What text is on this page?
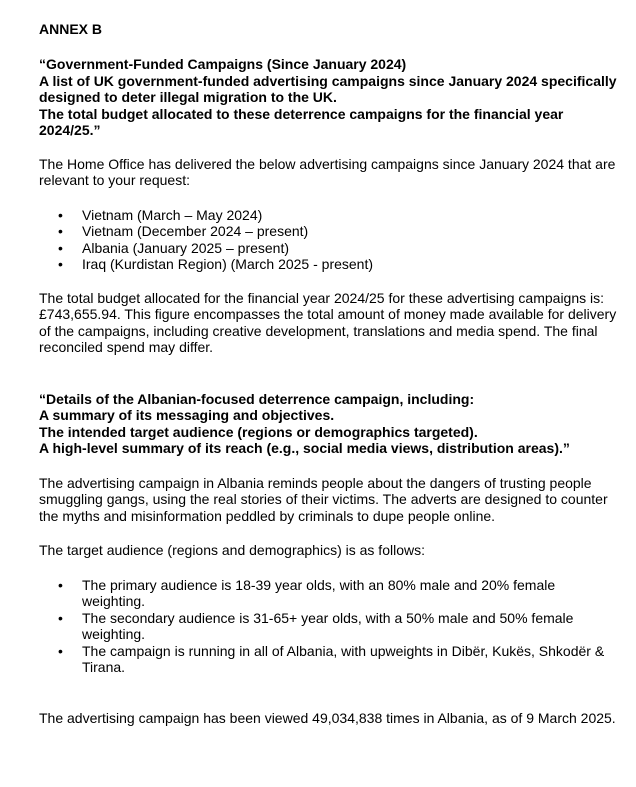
ANNEX B

“Government-Funded Campaigns (Since January 2024)
A list of UK government-funded advertising campaigns since January 2024 specifically designed to deter illegal migration to the UK.
The total budget allocated to these deterrence campaigns for the financial year 2024/25.”

The Home Office has delivered the below advertising campaigns since January 2024 that are relevant to your request:

• Vietnam (March – May 2024)
• Vietnam (December 2024 – present)
• Albania (January 2025 – present)
• Iraq (Kurdistan Region) (March 2025 - present)

The total budget allocated for the financial year 2024/25 for these advertising campaigns is: £743,655.94. This figure encompasses the total amount of money made available for delivery of the campaigns, including creative development, translations and media spend. The final reconciled spend may differ.

“Details of the Albanian-focused deterrence campaign, including:
A summary of its messaging and objectives.
The intended target audience (regions or demographics targeted).
A high-level summary of its reach (e.g., social media views, distribution areas).”

The advertising campaign in Albania reminds people about the dangers of trusting people smuggling gangs, using the real stories of their victims. The adverts are designed to counter the myths and misinformation peddled by criminals to dupe people online.

The target audience (regions and demographics) is as follows:

• The primary audience is 18-39 year olds, with an 80% male and 20% female weighting.
• The secondary audience is 31-65+ year olds, with a 50% male and 50% female weighting.
• The campaign is running in all of Albania, with upweights in Dibër, Kukës, Shkodër & Tirana.

The advertising campaign has been viewed 49,034,838 times in Albania, as of 9 March 2025.
